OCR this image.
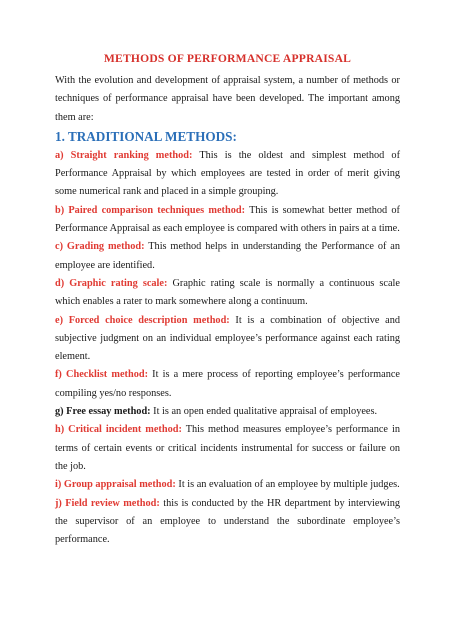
METHODS OF PERFORMANCE APPRAISAL

With the evolution and development of appraisal system, a number of methods or techniques of performance appraisal have been developed. The important among them are:

1. TRADITIONAL METHODS:

a) Straight ranking method: This is the oldest and simplest method of Performance Appraisal by which employees are tested in order of merit giving some numerical rank and placed in a simple grouping.

b) Paired comparison techniques method: This is somewhat better method of Performance Appraisal as each employee is compared with others in pairs at a time.

c) Grading method: This method helps in understanding the Performance of an employee are identified.

d) Graphic rating scale: Graphic rating scale is normally a continuous scale which enables a rater to mark somewhere along a continuum.

e) Forced choice description method: It is a combination of objective and subjective judgment on an individual employee’s performance against each rating element.

f) Checklist method: It is a mere process of reporting employee’s performance compiling yes/no responses.

g) Free essay method: It is an open ended qualitative appraisal of employees.

h) Critical incident method: This method measures employee’s performance in terms of certain events or critical incidents instrumental for success or failure on the job.

i) Group appraisal method: It is an evaluation of an employee by multiple judges.

j) Field review method: this is conducted by the HR department by interviewing the supervisor of an employee to understand the subordinate employee’s performance.
